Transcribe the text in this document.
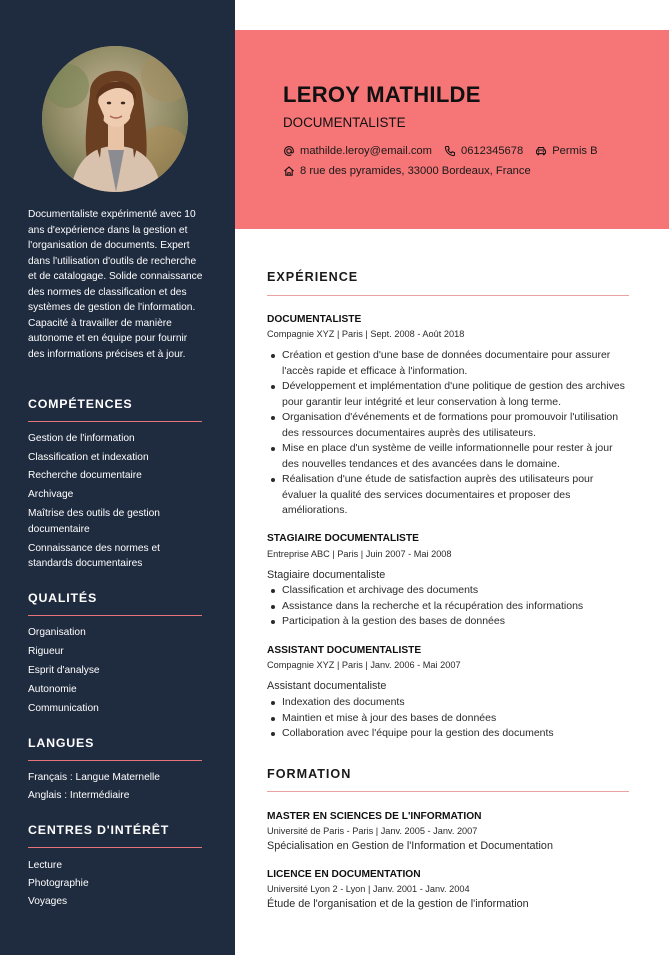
Documentaliste expérimenté avec 10 ans d'expérience dans la gestion et l'organisation de documents. Expert dans l'utilisation d'outils de recherche et de catalogage. Solide connaissance des normes de classification et des systèmes de gestion de l'information. Capacité à travailler de manière autonome et en équipe pour fournir des informations précises et à jour.

COMPÉTENCES
Gestion de l'information
Classification et indexation
Recherche documentaire
Archivage
Maîtrise des outils de gestion documentaire
Connaissance des normes et standards documentaires
QUALITÉS
Organisation
Rigueur
Esprit d'analyse
Autonomie
Communication
LANGUES
Français : Langue Maternelle
Anglais : Intermédiaire
CENTRES D'INTÉRÊT
Lecture
Photographie
Voyages
LEROY MATHILDE
DOCUMENTALISTE
mathilde.leroy@email.com	0612345678	Permis B
8 rue des pyramides, 33000 Bordeaux, France
EXPÉRIENCE
DOCUMENTALISTE
Compagnie XYZ | Paris | Sept. 2008 - Août 2018
Création et gestion d'une base de données documentaire pour assurer l'accès rapide et efficace à l'information.
Développement et implémentation d'une politique de gestion des archives pour garantir leur intégrité et leur conservation à long terme.
Organisation d'événements et de formations pour promouvoir l'utilisation des ressources documentaires auprès des utilisateurs.
Mise en place d'un système de veille informationnelle pour rester à jour des nouvelles tendances et des avancées dans le domaine.
Réalisation d'une étude de satisfaction auprès des utilisateurs pour évaluer la qualité des services documentaires et proposer des améliorations.
STAGIAIRE DOCUMENTALISTE
Entreprise ABC | Paris | Juin 2007 - Mai 2008
Stagiaire documentaliste
Classification et archivage des documents
Assistance dans la recherche et la récupération des informations
Participation à la gestion des bases de données
ASSISTANT DOCUMENTALISTE
Compagnie XYZ | Paris | Janv. 2006 - Mai 2007
Assistant documentaliste
Indexation des documents
Maintien et mise à jour des bases de données
Collaboration avec l'équipe pour la gestion des documents
FORMATION
MASTER EN SCIENCES DE L'INFORMATION
Université de Paris - Paris | Janv. 2005 - Janv. 2007
Spécialisation en Gestion de l'Information et Documentation
LICENCE EN DOCUMENTATION
Université Lyon 2 - Lyon | Janv. 2001 - Janv. 2004
Étude de l'organisation et de la gestion de l'information
